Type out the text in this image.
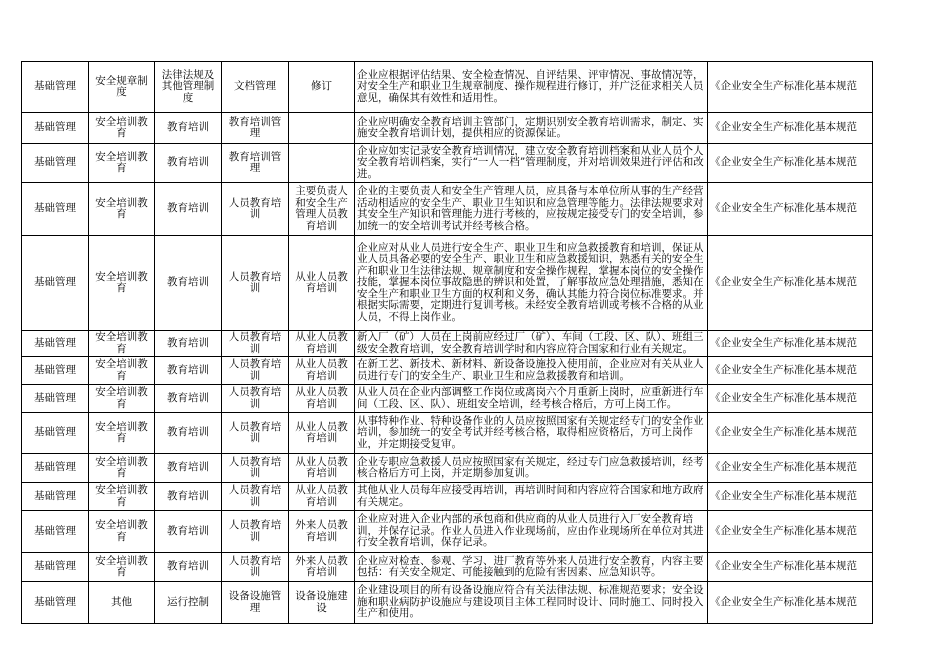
基础管理	安全规章制度	法律法规及其他管理制度	文档管理	修订	企业应根据评估结果、安全检查情况、自评结果、评审情况、事故情况等，对安全生产和职业卫生规章制度、操作规程进行修订，并广泛征求相关人员意见，确保其有效性和适用性。	《企业安全生产标准化基本规范
基础管理	安全培训教育	教育培训	教育培训管理		企业应明确安全教育培训主管部门，定期识别安全教育培训需求，制定、实施安全教育培训计划，提供相应的资源保证。	《企业安全生产标准化基本规范
基础管理	安全培训教育	教育培训	教育培训管理		企业应如实记录安全教育培训情况，建立安全教育培训档案和从业人员个人安全教育培训档案，实行“一人一档”管理制度，并对培训效果进行评估和改进。	《企业安全生产标准化基本规范
基础管理	安全培训教育	教育培训	人员教育培训	主要负责人和安全生产管理人员教育培训	企业的主要负责人和安全生产管理人员，应具备与本单位所从事的生产经营活动相适应的安全生产、职业卫生知识和应急管理等能力。法律法规要求对其安全生产知识和管理能力进行考核的，应按规定接受专门的安全培训，参加统一的安全培训考试并经考核合格。	《企业安全生产标准化基本规范
基础管理	安全培训教育	教育培训	人员教育培训	从业人员教育培训	企业应对从业人员进行安全生产、职业卫生和应急救援教育和培训，保证从业人员具备必要的安全生产、职业卫生和应急救援知识，熟悉有关的安全生产和职业卫生法律法规、规章制度和安全操作规程，掌握本岗位的安全操作技能，掌握本岗位事故隐患的辨识和处置，了解事故应急处理措施，悉知在安全生产和职业卫生方面的权利和义务，确认其能力符合岗位标准要求。并根据实际需要，定期进行复训考核。未经安全教育培训或考核不合格的从业人员，不得上岗作业。	《企业安全生产标准化基本规范
基础管理	安全培训教育	教育培训	人员教育培训	从业人员教育培训	新入厂（矿）人员在上岗前应经过厂（矿）、车间（工段、区、队）、班组三级安全教育培训，安全教育培训学时和内容应符合国家和行业有关规定。	《企业安全生产标准化基本规范
基础管理	安全培训教育	教育培训	人员教育培训	从业人员教育培训	在新工艺、新技术、新材料、新设备设施投入使用前，企业应对有关从业人员进行专门的安全生产、职业卫生和应急救援教育和培训。	《企业安全生产标准化基本规范
基础管理	安全培训教育	教育培训	人员教育培训	从业人员教育培训	从业人员在企业内部调整工作岗位或离岗六个月重新上岗时，应重新进行车间（工段、区、队）、班组安全培训，经考核合格后，方可上岗工作。	《企业安全生产标准化基本规范
基础管理	安全培训教育	教育培训	人员教育培训	从业人员教育培训	从事特种作业、特种设备作业的人员应按照国家有关规定经专门的安全作业培训，参加统一的安全考试并经考核合格，取得相应资格后，方可上岗作业，并定期接受复审。	《企业安全生产标准化基本规范
基础管理	安全培训教育	教育培训	人员教育培训	从业人员教育培训	企业专职应急救援人员应按照国家有关规定，经过专门应急救援培训，经考核合格后方可上岗，并定期参加复训。	《企业安全生产标准化基本规范
基础管理	安全培训教育	教育培训	人员教育培训	从业人员教育培训	其他从业人员每年应接受再培训，再培训时间和内容应符合国家和地方政府有关规定。	《企业安全生产标准化基本规范
基础管理	安全培训教育	教育培训	人员教育培训	外来人员教育培训	企业应对进入企业内部的承包商和供应商的从业人员进行入厂安全教育培训，并保存记录。作业人员进入作业现场前，应由作业现场所在单位对其进行安全教育培训，保存记录。	《企业安全生产标准化基本规范
基础管理	安全培训教育	教育培训	人员教育培训	外来人员教育培训	企业应对检查、参观、学习、进厂教育等外来人员进行安全教育，内容主要包括：有关安全规定、可能接触到的危险有害因素、应急知识等。	《企业安全生产标准化基本规范
基础管理	其他	运行控制	设备设施管理	设备设施建设	企业建设项目的所有设备设施应符合有关法律法规、标准规范要求；安全设施和职业病防护设施应与建设项目主体工程同时设计、同时施工、同时投入生产和使用。	《企业安全生产标准化基本规范
